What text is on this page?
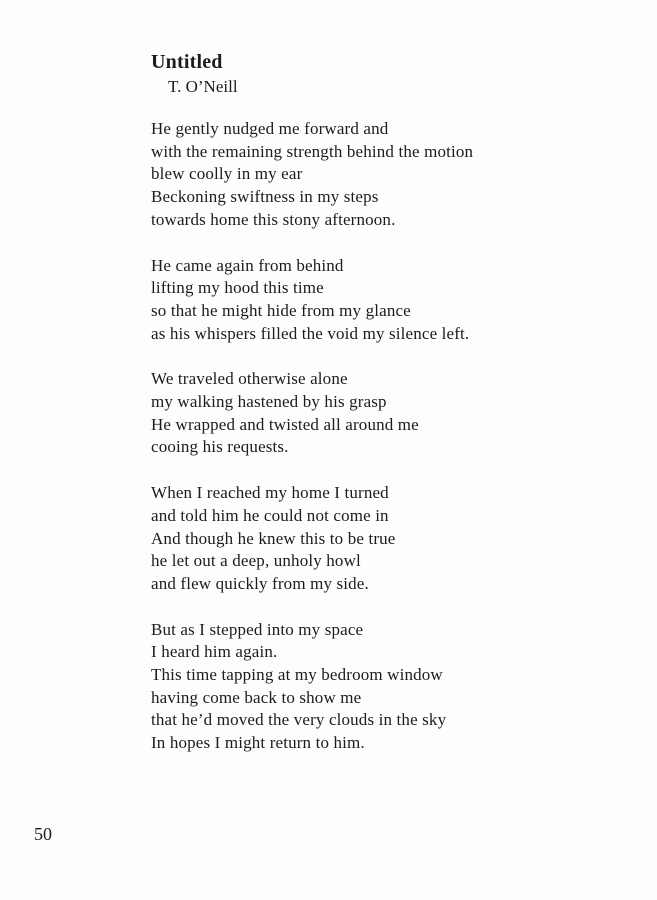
Untitled

T. O’Neill

He gently nudged me forward and
with the remaining strength behind the motion
blew coolly in my ear
Beckoning swiftness in my steps
towards home this stony afternoon.
He came again from behind
lifting my hood this time
so that he might hide from my glance
as his whispers filled the void my silence left.
We traveled otherwise alone
my walking hastened by his grasp
He wrapped and twisted all around me
cooing his requests.
When I reached my home I turned
and told him he could not come in
And though he knew this to be true
he let out a deep, unholy howl
and flew quickly from my side.
But as I stepped into my space
I heard him again.
This time tapping at my bedroom window
having come back to show me
that he’d moved the very clouds in the sky
In hopes I might return to him.

50
